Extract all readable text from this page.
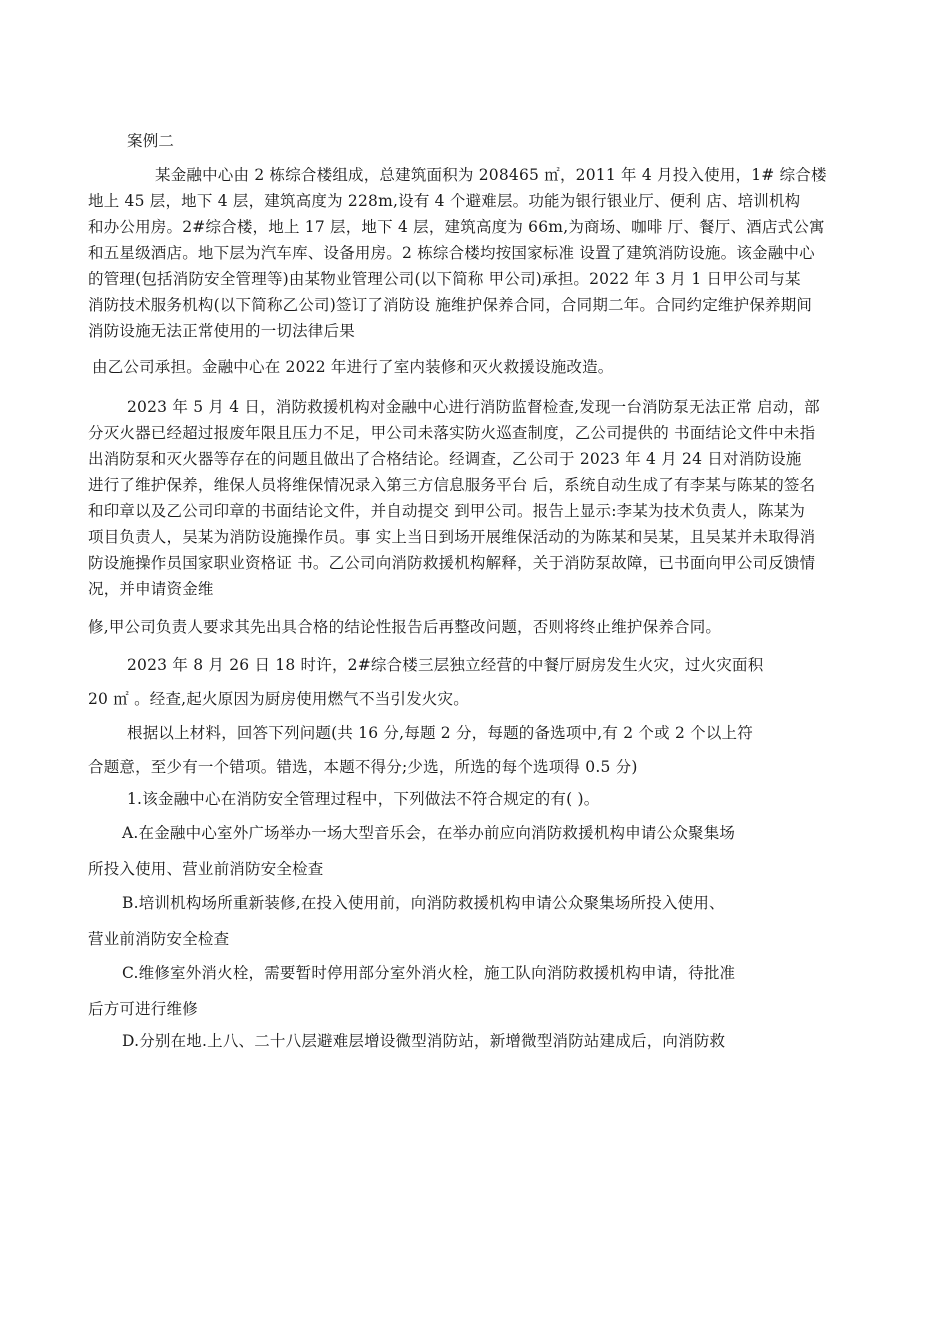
案例二
某金融中心由 2 栋综合楼组成，总建筑面积为 208465 ㎡，2011 年 4 月投入使用，1# 综合楼
地上 45 层，地下 4 层，建筑高度为 228m,设有 4 个避难层。功能为银行银业厅、便利 店、培训机构
和办公用房。2#综合楼，地上 17 层，地下 4 层，建筑高度为 66m,为商场、咖啡 厅、餐厅、酒店式公寓
和五星级酒店。地下层为汽车库、设备用房。2 栋综合楼均按国家标准 设置了建筑消防设施。该金融中心
的管理(包括消防安全管理等)由某物业管理公司(以下简称 甲公司)承担。2022 年 3 月 1 日甲公司与某
消防技术服务机构(以下简称乙公司)签订了消防设 施维护保养合同，合同期二年。合同约定维护保养期间
消防设施无法正常使用的一切法律后果
由乙公司承担。金融中心在 2022 年进行了室内装修和灭火救援设施改造。
2023 年 5 月 4 日，消防救援机构对金融中心进行消防监督检查,发现一台消防泵无法正常 启动，部
分灭火器已经超过报废年限且压力不足，甲公司未落实防火巡查制度，乙公司提供的 书面结论文件中未指
出消防泵和灭火器等存在的问题且做出了合格结论。经调查，乙公司于 2023 年 4 月 24 日对消防设施
进行了维护保养，维保人员将维保情况录入第三方信息服务平台 后，系统自动生成了有李某与陈某的签名
和印章以及乙公司印章的书面结论文件，并自动提交 到甲公司。报告上显示:李某为技术负责人，陈某为
项目负责人，吴某为消防设施操作员。事 实上当日到场开展维保活动的为陈某和吴某，且吴某并未取得消
防设施操作员国家职业资格证 书。乙公司向消防救援机构解释，关于消防泵故障，已书面向甲公司反馈情
况，并申请资金维
修,甲公司负责人要求其先出具合格的结论性报告后再整改问题，否则将终止维护保养合同。
2023 年 8 月 26 日 18 时许，2#综合楼三层独立经营的中餐厅厨房发生火灾，过火灾面积
20 ㎡ 。经查,起火原因为厨房使用燃气不当引发火灾。
根据以上材料，回答下列问题(共 16 分,每题 2 分，每题的备选项中,有 2 个或 2 个以上符
合题意，至少有一个错项。错选，本题不得分;少选，所选的每个选项得 0.5 分)
1.该金融中心在消防安全管理过程中，下列做法不符合规定的有( )。
A.在金融中心室外广场举办一场大型音乐会，在举办前应向消防救援机构申请公众聚集场
所投入使用、营业前消防安全检查
B.培训机构场所重新装修,在投入使用前，向消防救援机构申请公众聚集场所投入使用、
营业前消防安全检查
C.维修室外消火栓，需要暂时停用部分室外消火栓，施工队向消防救援机构申请，待批准
后方可进行维修
D.分别在地.上八、二十八层避难层增设微型消防站，新增微型消防站建成后，向消防救
